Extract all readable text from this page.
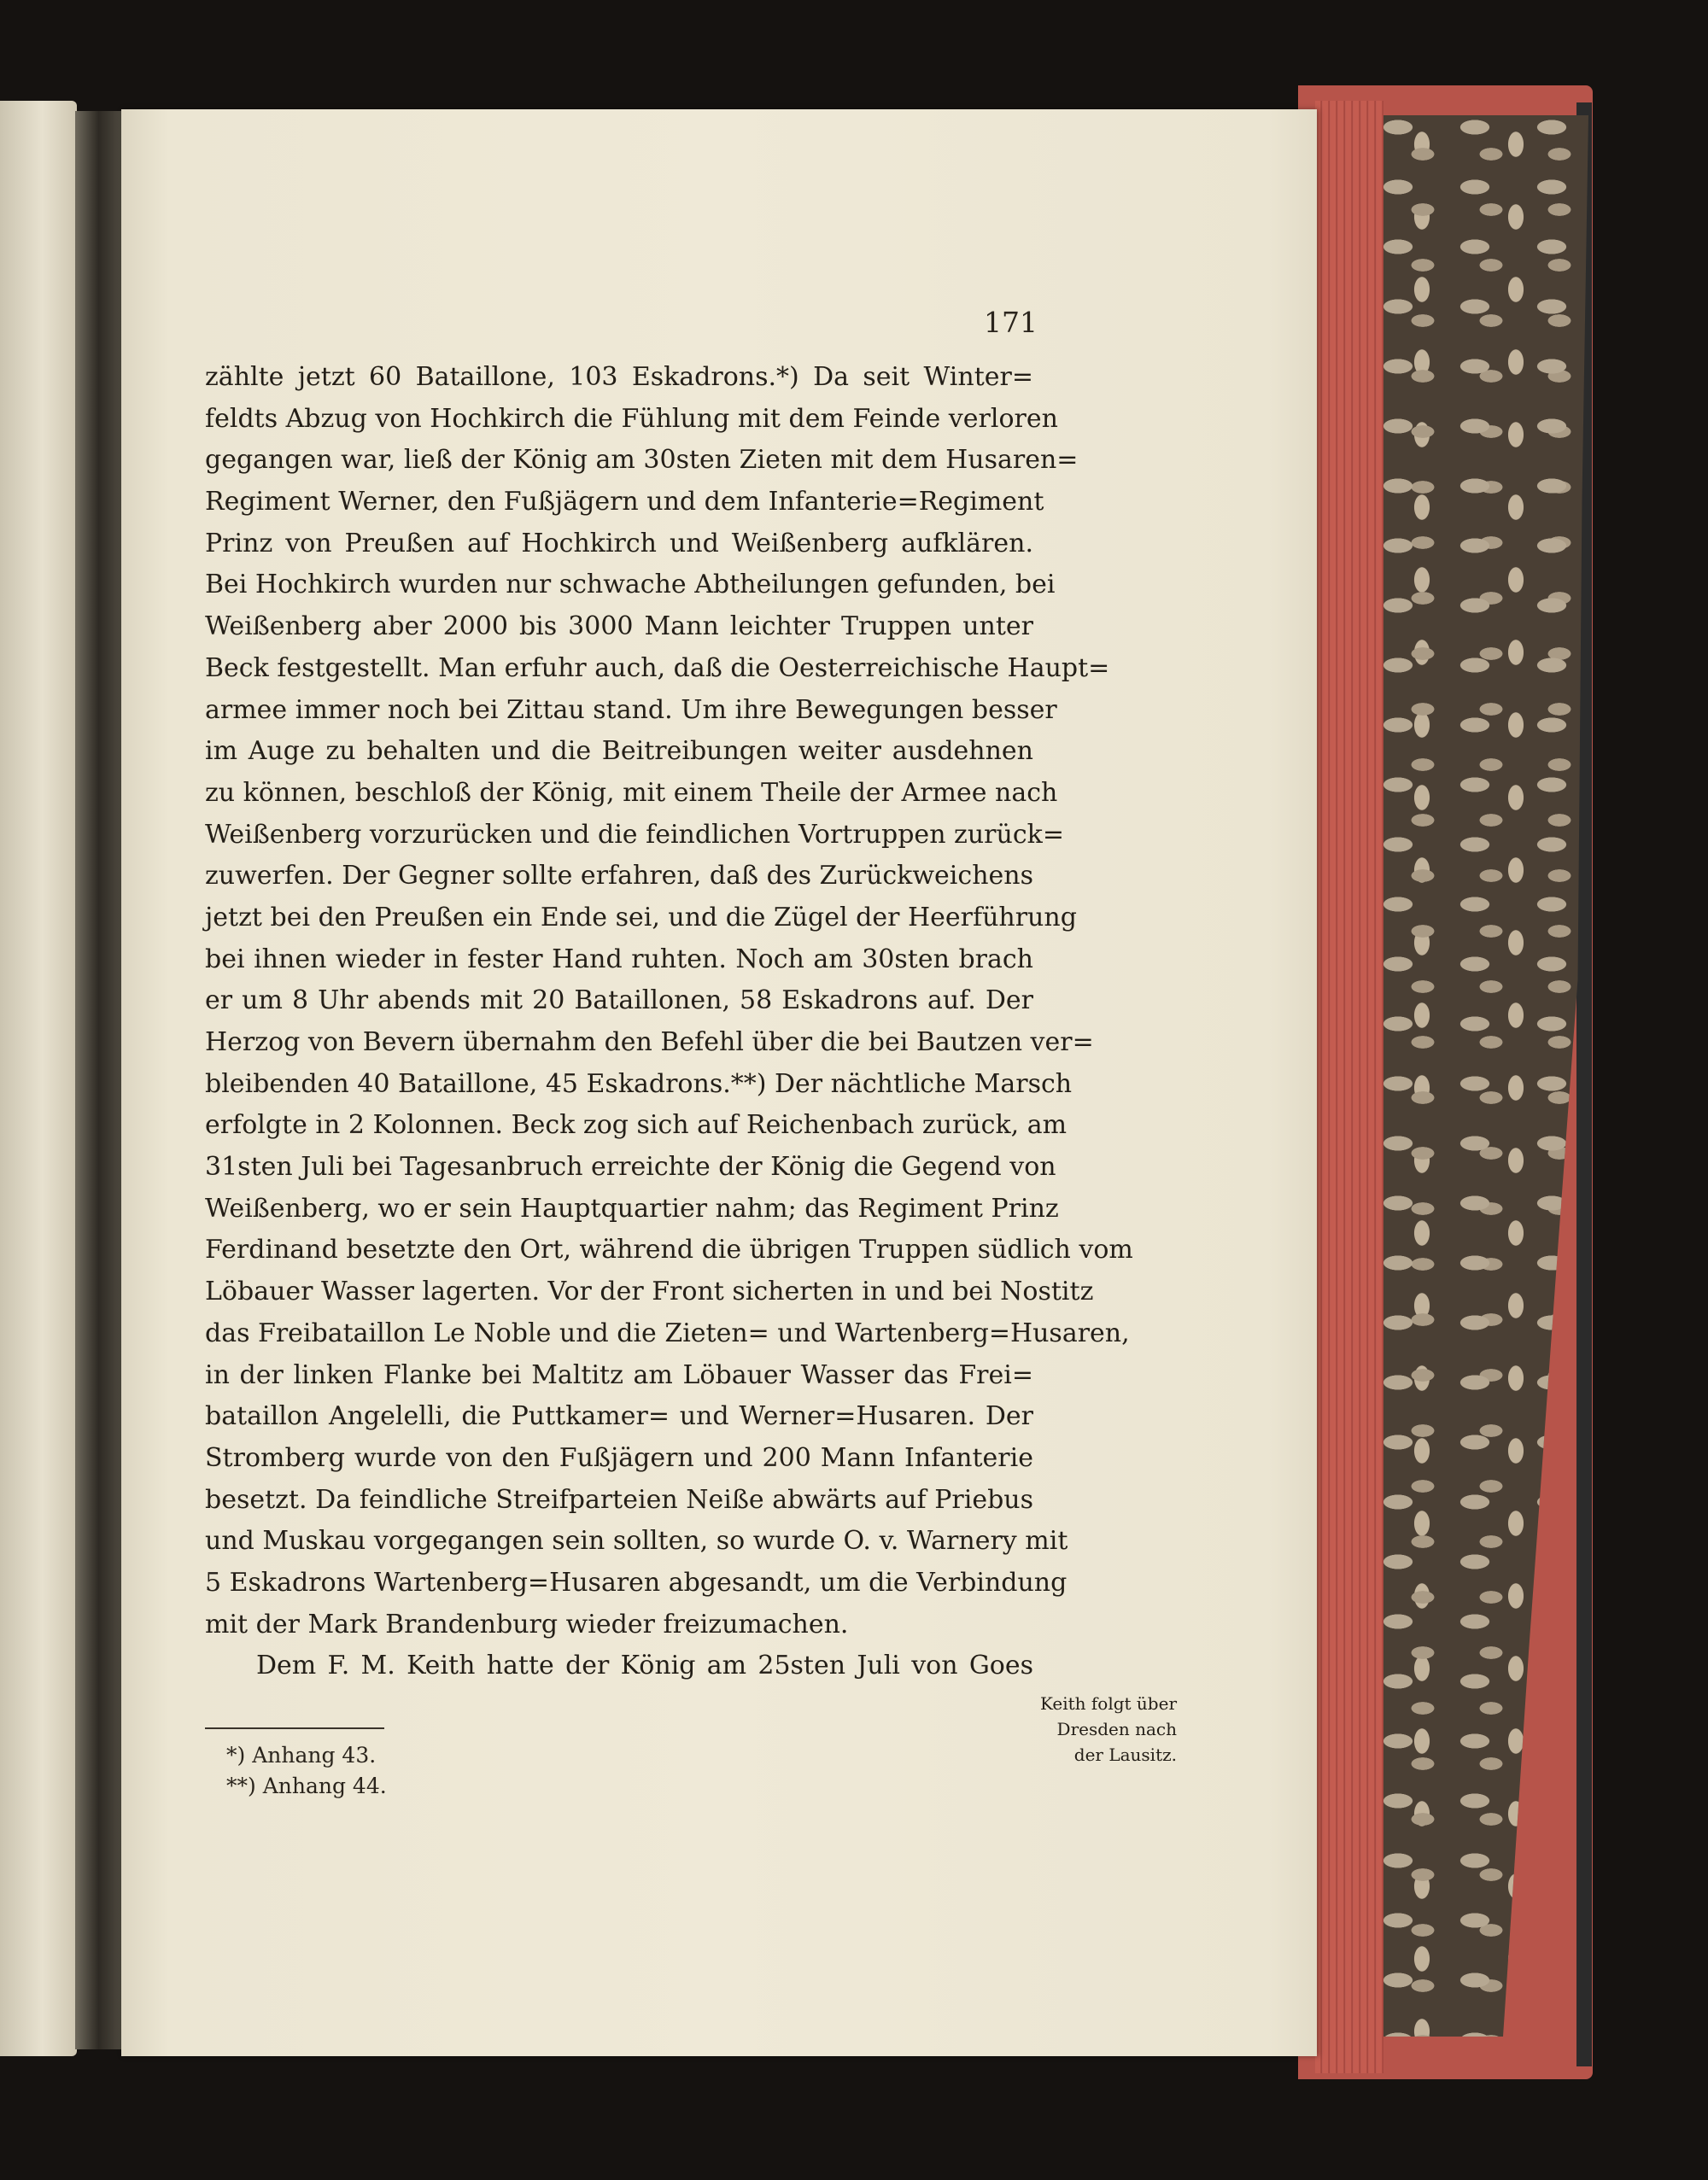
171
zählte jetzt 60 Bataillone, 103 Eskadrons.*) Da seit Winter=
feldts Abzug von Hochkirch die Fühlung mit dem Feinde verloren
gegangen war, ließ der König am 30sten Zieten mit dem Husaren=
Regiment Werner, den Fußjägern und dem Infanterie=Regiment
Prinz von Preußen auf Hochkirch und Weißenberg aufklären.
Bei Hochkirch wurden nur schwache Abtheilungen gefunden, bei
Weißenberg aber 2000 bis 3000 Mann leichter Truppen unter
Beck festgestellt. Man erfuhr auch, daß die Oesterreichische Haupt=
armee immer noch bei Zittau stand. Um ihre Bewegungen besser
im Auge zu behalten und die Beitreibungen weiter ausdehnen
zu können, beschloß der König, mit einem Theile der Armee nach
Weißenberg vorzurücken und die feindlichen Vortruppen zurück=
zuwerfen. Der Gegner sollte erfahren, daß des Zurückweichens
jetzt bei den Preußen ein Ende sei, und die Zügel der Heerführung
bei ihnen wieder in fester Hand ruhten. Noch am 30sten brach
er um 8 Uhr abends mit 20 Bataillonen, 58 Eskadrons auf. Der
Herzog von Bevern übernahm den Befehl über die bei Bautzen ver=
bleibenden 40 Bataillone, 45 Eskadrons.**) Der nächtliche Marsch
erfolgte in 2 Kolonnen. Beck zog sich auf Reichenbach zurück, am
31sten Juli bei Tagesanbruch erreichte der König die Gegend von
Weißenberg, wo er sein Hauptquartier nahm; das Regiment Prinz
Ferdinand besetzte den Ort, während die übrigen Truppen südlich vom
Löbauer Wasser lagerten. Vor der Front sicherten in und bei Nostitz
das Freibataillon Le Noble und die Zieten= und Wartenberg=Husaren,
in der linken Flanke bei Maltitz am Löbauer Wasser das Frei=
bataillon Angelelli, die Puttkamer= und Werner=Husaren. Der
Stromberg wurde von den Fußjägern und 200 Mann Infanterie
besetzt. Da feindliche Streifparteien Neiße abwärts auf Priebus
und Muskau vorgegangen sein sollten, so wurde O. v. Warnery mit
5 Eskadrons Wartenberg=Husaren abgesandt, um die Verbindung
mit der Mark Brandenburg wieder freizumachen.
Dem F. M. Keith hatte der König am 25sten Juli von Goes
Keith folgt über
Dresden nach
der Lausitz.
*) Anhang 43.
**) Anhang 44.
